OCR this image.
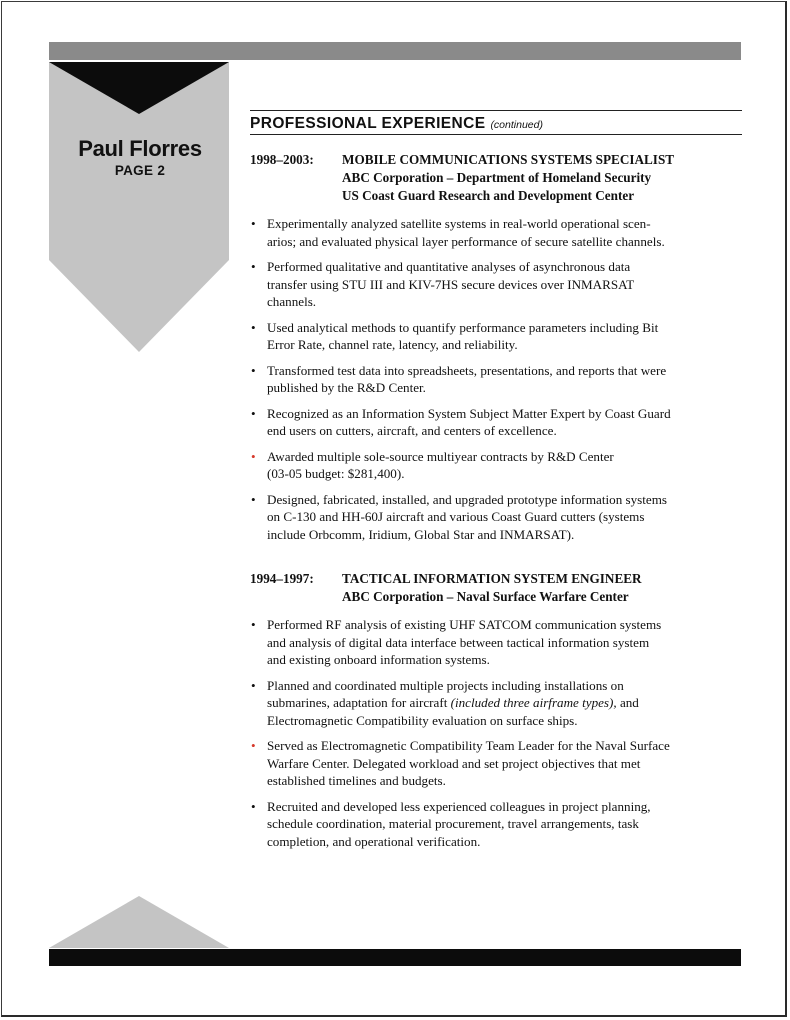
Paul Florres
PAGE 2
PROFESSIONAL EXPERIENCE (continued)
1998–2003:	MOBILE COMMUNICATIONS SYSTEMS SPECIALIST
ABC Corporation – Department of Homeland Security
US Coast Guard Research and Development Center
• Experimentally analyzed satellite systems in real-world operational scen-
arios; and evaluated physical layer performance of secure satellite channels.
• Performed qualitative and quantitative analyses of asynchronous data
transfer using STU III and KIV-7HS secure devices over INMARSAT
channels.
• Used analytical methods to quantify performance parameters including Bit
Error Rate, channel rate, latency, and reliability.
• Transformed test data into spreadsheets, presentations, and reports that were
published by the R&D Center.
• Recognized as an Information System Subject Matter Expert by Coast Guard
end users on cutters, aircraft, and centers of excellence.
• Awarded multiple sole-source multiyear contracts by R&D Center
(03-05 budget: $281,400).
• Designed, fabricated, installed, and upgraded prototype information systems
on C-130 and HH-60J aircraft and various Coast Guard cutters (systems
include Orbcomm, Iridium, Global Star and INMARSAT).
1994–1997:	TACTICAL INFORMATION SYSTEM ENGINEER
ABC Corporation – Naval Surface Warfare Center
• Performed RF analysis of existing UHF SATCOM communication systems
and analysis of digital data interface between tactical information system
and existing onboard information systems.
• Planned and coordinated multiple projects including installations on
submarines, adaptation for aircraft (included three airframe types), and
Electromagnetic Compatibility evaluation on surface ships.
• Served as Electromagnetic Compatibility Team Leader for the Naval Surface
Warfare Center. Delegated workload and set project objectives that met
established timelines and budgets.
• Recruited and developed less experienced colleagues in project planning,
schedule coordination, material procurement, travel arrangements, task
completion, and operational verification.
